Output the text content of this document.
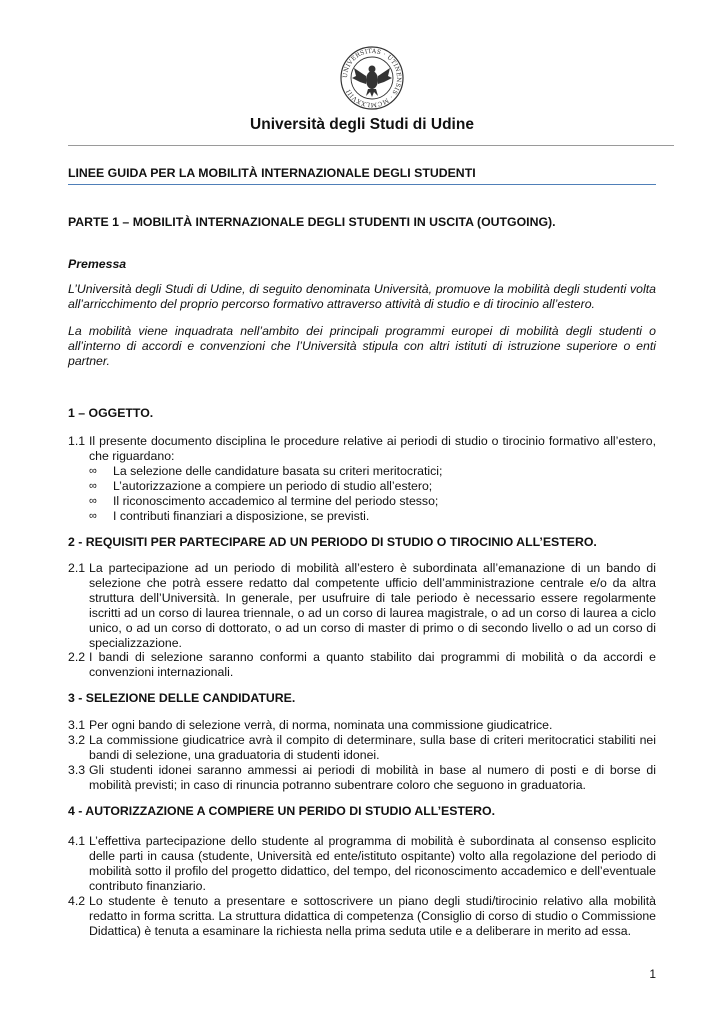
UNIVERSITAS · UTINENSIS · MCMLXXVIII
Università degli Studi di Udine
LINEE GUIDA PER LA MOBILITÀ INTERNAZIONALE DEGLI STUDENTI
PARTE 1 – MOBILITÀ INTERNAZIONALE DEGLI STUDENTI IN USCITA (OUTGOING).
Premessa
L’Università degli Studi di Udine, di seguito denominata Università, promuove la mobilità degli studenti volta all’arricchimento del proprio percorso formativo attraverso attività di studio e di tirocinio all’estero.
La mobilità viene inquadrata nell’ambito dei principali programmi europei di mobilità degli studenti o all’interno di accordi e convenzioni che l’Università stipula con altri istituti di istruzione superiore o enti partner.
1 – OGGETTO.
1.1 Il presente documento disciplina le procedure relative ai periodi di studio o tirocinio formativo all’estero, che riguardano:
∞ La selezione delle candidature basata su criteri meritocratici;
∞ L’autorizzazione a compiere un periodo di studio all’estero;
∞ Il riconoscimento accademico al termine del periodo stesso;
∞ I contributi finanziari a disposizione, se previsti.
2 - REQUISITI PER PARTECIPARE AD UN PERIODO DI STUDIO O TIROCINIO ALL’ESTERO.
2.1 La partecipazione ad un periodo di mobilità all’estero è subordinata all’emanazione di un bando di selezione che potrà essere redatto dal competente ufficio dell’amministrazione centrale e/o da altra struttura dell’Università. In generale, per usufruire di tale periodo è necessario essere regolarmente iscritti ad un corso di laurea triennale, o ad un corso di laurea magistrale, o ad un corso di laurea a ciclo unico, o ad un corso di dottorato, o ad un corso di master di primo o di secondo livello o ad un corso di specializzazione.
2.2 I bandi di selezione saranno conformi a quanto stabilito dai programmi di mobilità o da accordi e convenzioni internazionali.
3 - SELEZIONE DELLE CANDIDATURE.
3.1 Per ogni bando di selezione verrà, di norma, nominata una commissione giudicatrice.
3.2 La commissione giudicatrice avrà il compito di determinare, sulla base di criteri meritocratici stabiliti nei bandi di selezione, una graduatoria di studenti idonei.
3.3 Gli studenti idonei saranno ammessi ai periodi di mobilità in base al numero di posti e di borse di mobilità previsti; in caso di rinuncia potranno subentrare coloro che seguono in graduatoria.
4 - AUTORIZZAZIONE A COMPIERE UN PERIDO DI STUDIO ALL’ESTERO.
4.1 L’effettiva partecipazione dello studente al programma di mobilità è subordinata al consenso esplicito delle parti in causa (studente, Università ed ente/istituto ospitante) volto alla regolazione del periodo di mobilità sotto il profilo del progetto didattico, del tempo, del riconoscimento accademico e dell’eventuale contributo finanziario.
4.2 Lo studente è tenuto a presentare e sottoscrivere un piano degli studi/tirocinio relativo alla mobilità redatto in forma scritta. La struttura didattica di competenza (Consiglio di corso di studio o Commissione Didattica) è tenuta a esaminare la richiesta nella prima seduta utile e a deliberare in merito ad essa.
1
